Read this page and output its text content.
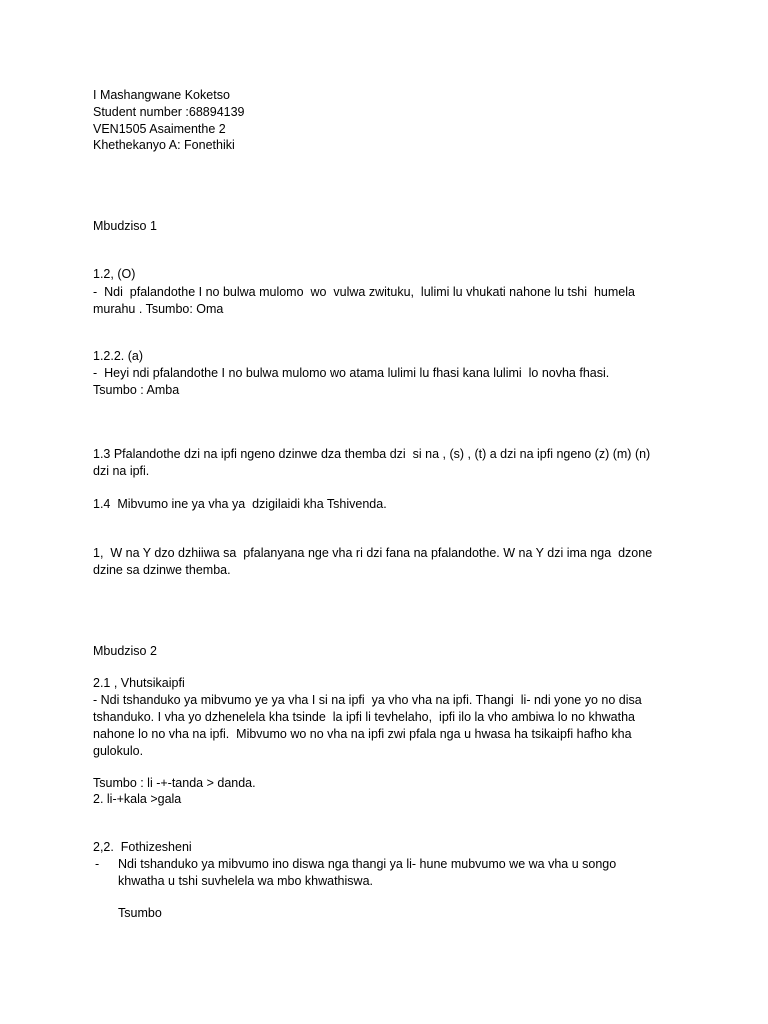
I Mashangwane Koketso
Student number :68894139
VEN1505 Asaimenthe 2
Khethekanyo A: Fonethiki
Mbudziso 1
1.2, (O)
-  Ndi  pfalandothe I no bulwa mulomo  wo  vulwa zwituku,  lulimi lu vhukati nahone lu tshi  humela
murahu . Tsumbo: Oma
1.2.2. (a)
-  Heyi ndi pfalandothe I no bulwa mulomo wo atama lulimi lu fhasi kana lulimi  lo novha fhasi.
Tsumbo : Amba
1.3 Pfalandothe dzi na ipfi ngeno dzinwe dza themba dzi  si na , (s) , (t) a dzi na ipfi ngeno (z) (m) (n)
dzi na ipfi.
1.4  Mibvumo ine ya vha ya  dzigilaidi kha Tshivenda.
1,  W na Y dzo dzhiiwa sa  pfalanyana nge vha ri dzi fana na pfalandothe. W na Y dzi ima nga  dzone
dzine sa dzinwe themba.
Mbudziso 2
2.1 , Vhutsikaipfi
- Ndi tshanduko ya mibvumo ye ya vha I si na ipfi  ya vho vha na ipfi. Thangi  li- ndi yone yo no disa
tshanduko. I vha yo dzhenelela kha tsinde  la ipfi li tevhelaho,  ipfi ilo la vho ambiwa lo no khwatha
nahone lo no vha na ipfi.  Mibvumo wo no vha na ipfi zwi pfala nga u hwasa ha tsikaipfi hafho kha
gulokulo.
Tsumbo : li -+-tanda > danda.
2. li-+kala >gala
2,2.  Fothizesheni
- Ndi tshanduko ya mibvumo ino diswa nga thangi ya li- hune mubvumo we wa vha u songo
khwatha u tshi suvhelela wa mbo khwathiswa.
Tsumbo
